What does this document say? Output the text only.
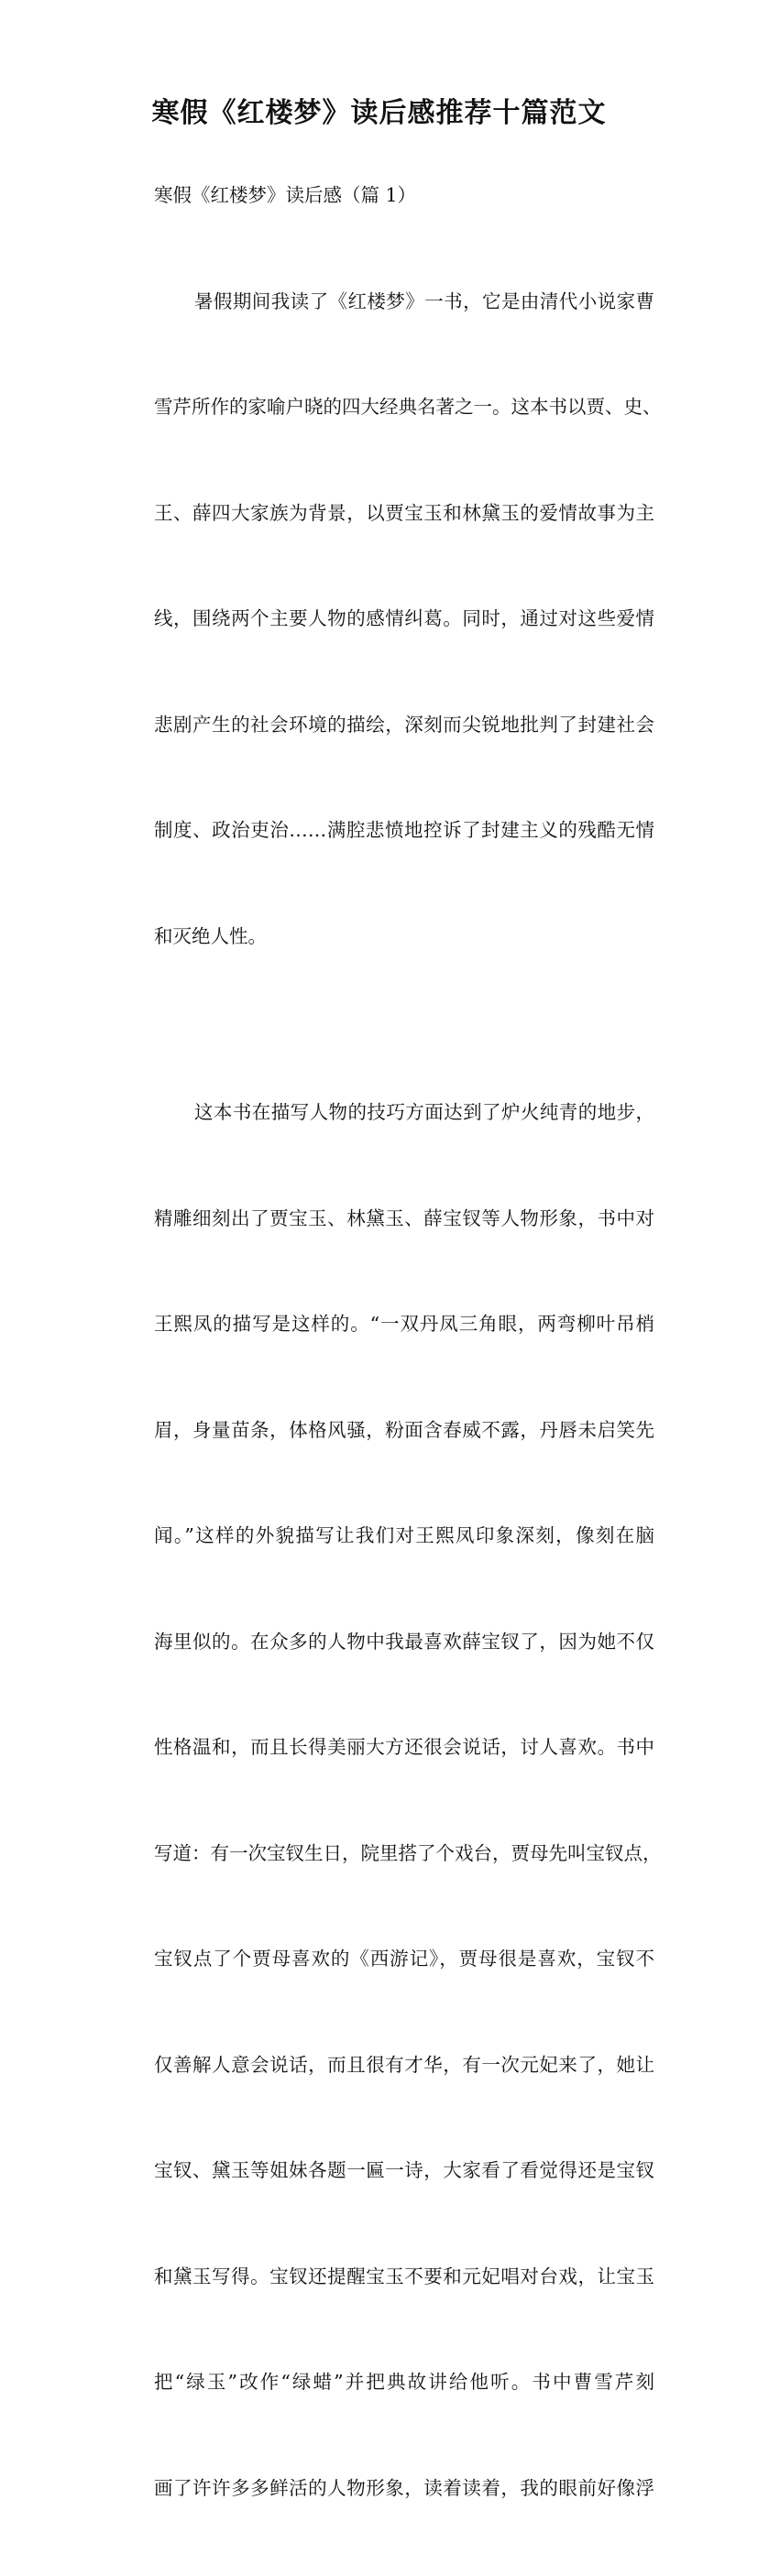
寒假《红楼梦》读后感推荐十篇范文
寒假《红楼梦》读后感（篇 1）

暑假期间我读了《红楼梦》一书，它是由清代小说家曹

雪芹所作的家喻户晓的四大经典名著之一。这本书以贾、史、

王、薛四大家族为背景，以贾宝玉和林黛玉的爱情故事为主

线，围绕两个主要人物的感情纠葛。同时，通过对这些爱情

悲剧产生的社会环境的描绘，深刻而尖锐地批判了封建社会

制度、政治吏治……满腔悲愤地控诉了封建主义的残酷无情

和灭绝人性。

这本书在描写人物的技巧方面达到了炉火纯青的地步，

精雕细刻出了贾宝玉、林黛玉、薛宝钗等人物形象，书中对

王熙凤的描写是这样的。“一双丹凤三角眼，两弯柳叶吊梢

眉，身量苗条，体格风骚，粉面含春威不露，丹唇未启笑先

闻。”这样的外貌描写让我们对王熙凤印象深刻，像刻在脑

海里似的。在众多的人物中我最喜欢薛宝钗了，因为她不仅

性格温和，而且长得美丽大方还很会说话，讨人喜欢。书中

写道：有一次宝钗生日，院里搭了个戏台，贾母先叫宝钗点，

宝钗点了个贾母喜欢的《西游记》，贾母很是喜欢，宝钗不

仅善解人意会说话，而且很有才华，有一次元妃来了，她让

宝钗、黛玉等姐妹各题一匾一诗，大家看了看觉得还是宝钗

和黛玉写得。宝钗还提醒宝玉不要和元妃唱对台戏，让宝玉

把“绿玉”改作“绿蜡”并把典故讲给他听。书中曹雪芹刻

画了许许多多鲜活的人物形象，读着读着，我的眼前好像浮
